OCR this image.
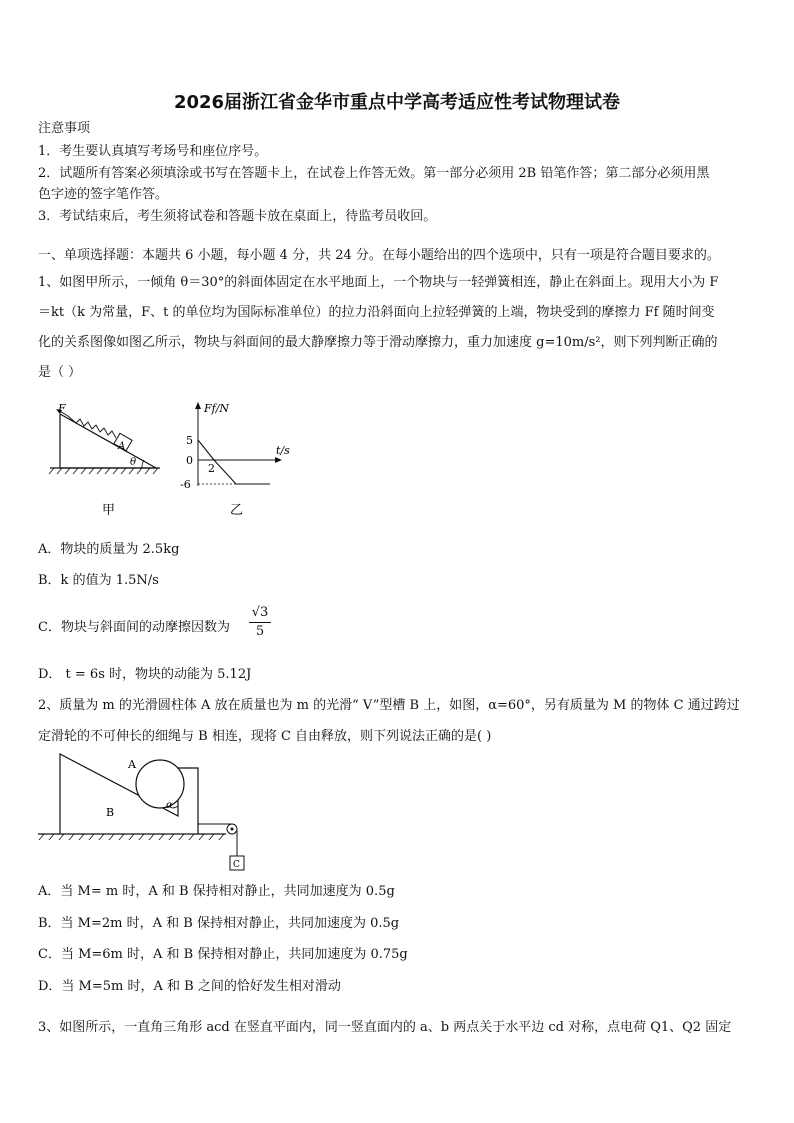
2026届浙江省金华市重点中学高考适应性考试物理试卷
注意事项
1．考生要认真填写考场号和座位序号。
2．试题所有答案必须填涂或书写在答题卡上，在试卷上作答无效。第一部分必须用 2B 铅笔作答；第二部分必须用黑
色字迹的签字笔作答。
3．考试结束后，考生须将试卷和答题卡放在桌面上，待监考员收回。
一、单项选择题：本题共 6 小题，每小题 4 分，共 24 分。在每小题给出的四个选项中，只有一项是符合题目要求的。
1、如图甲所示，一倾角 θ＝30°的斜面体固定在水平地面上，一个物块与一轻弹簧相连，静止在斜面上。现用大小为 F
＝kt（k 为常量，F、t 的单位均为国际标准单位）的拉力沿斜面向上拉轻弹簧的上端，物块受到的摩擦力 Ff 随时间变
化的关系图像如图乙所示，物块与斜面间的最大静摩擦力等于滑动摩擦力，重力加速度 g=10m/s²，则下列判断正确的
是（ ）
F
A
θ
甲
Ff/N
t/s
5
0
-6
2
乙
A．物块的质量为 2.5kg
B．k 的值为 1.5N/s
C．物块与斜面间的动摩擦因数为 $\frac{√3}{5}$
D． t = 6s 时，物块的动能为 5.12J
2、质量为 m 的光滑圆柱体 A 放在质量也为 m 的光滑“ V”型槽 B 上，如图，α=60°，另有质量为 M 的物体 C 通过跨过
定滑轮的不可伸长的细绳与 B 相连，现将 C 自由释放，则下列说法正确的是( )
A
B
α
C
A．当 M= m 时，A 和 B 保持相对静止，共同加速度为 0.5g
B．当 M=2m 时，A 和 B 保持相对静止，共同加速度为 0.5g
C．当 M=6m 时，A 和 B 保持相对静止，共同加速度为 0.75g
D．当 M=5m 时，A 和 B 之间的恰好发生相对滑动
3、如图所示，一直角三角形 acd 在竖直平面内，同一竖直面内的 a、b 两点关于水平边 cd 对称，点电荷 Q1、Q2 固定
